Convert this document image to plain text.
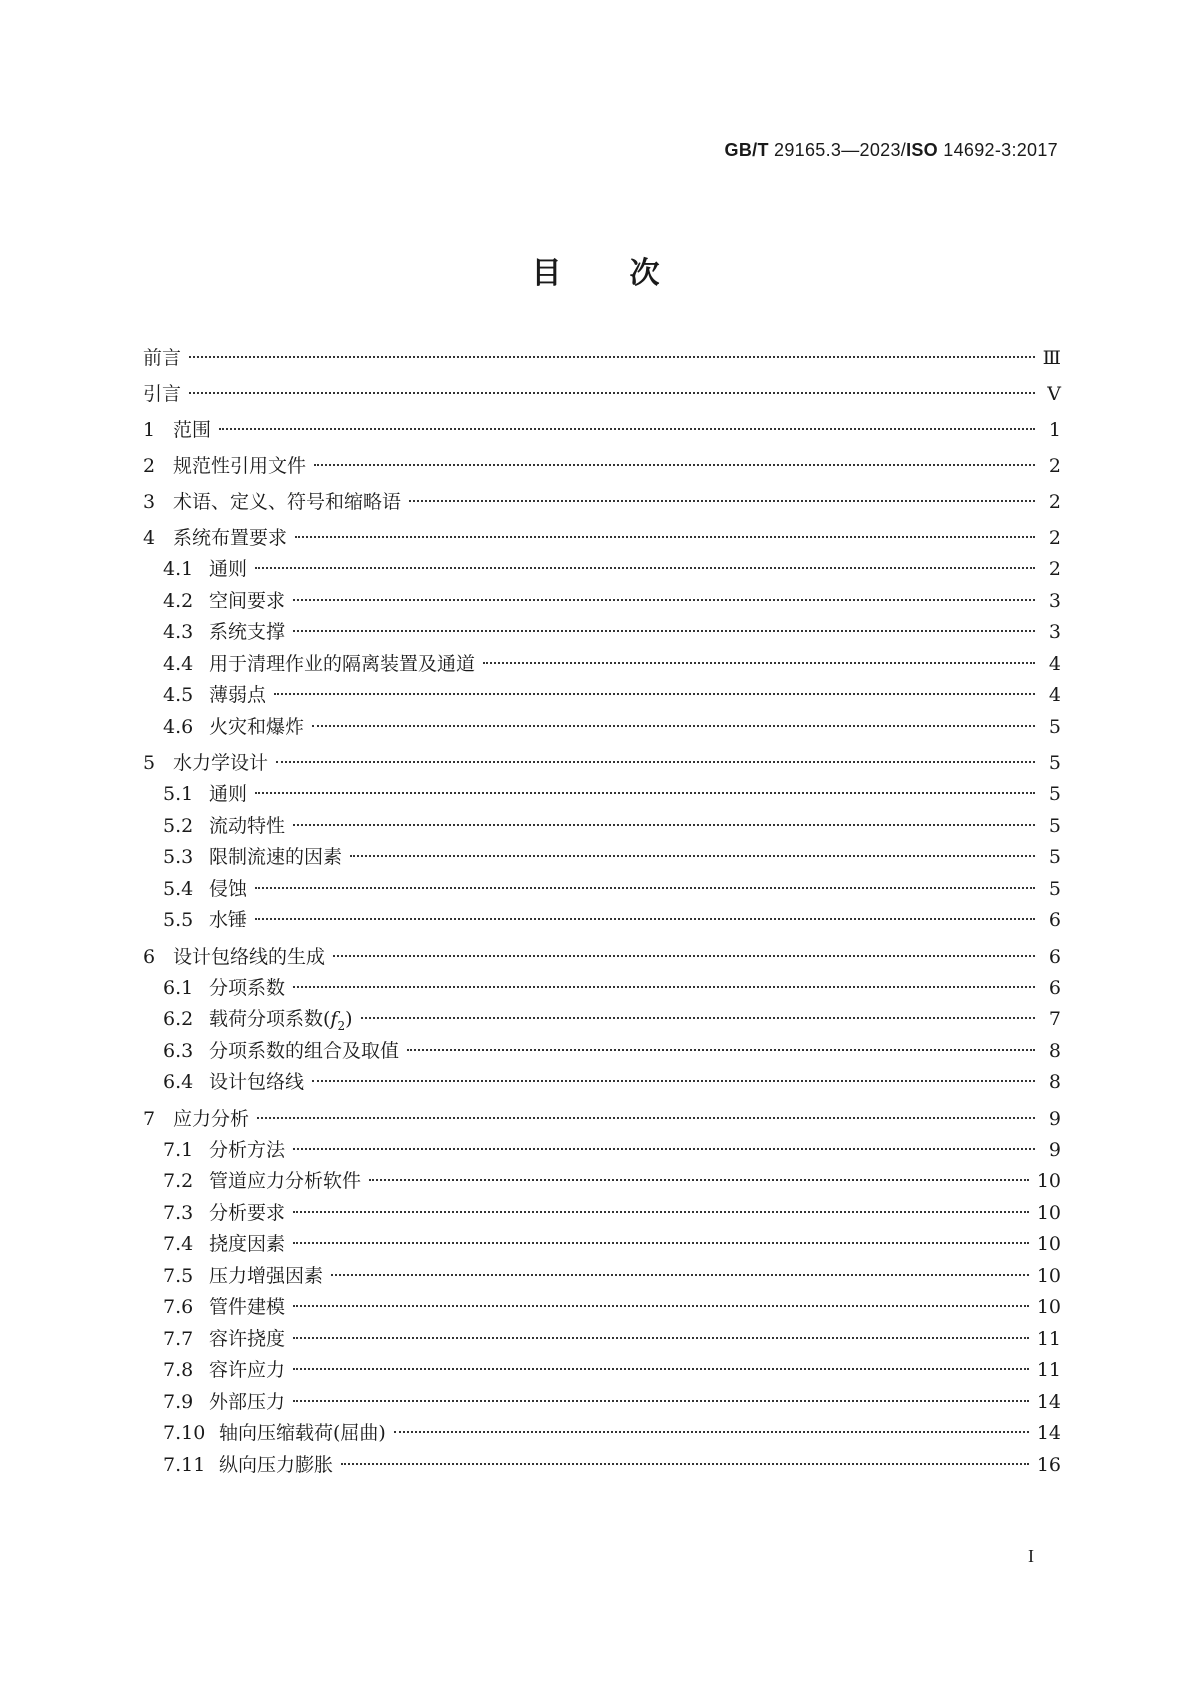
GB/T 29165.3—2023/ISO 14692-3:2017
目次
前言	Ⅲ
引言	Ⅴ
1 范围	1
2 规范性引用文件	2
3 术语、定义、符号和缩略语	2
4 系统布置要求	2
4.1 通则	2
4.2 空间要求	3
4.3 系统支撑	3
4.4 用于清理作业的隔离装置及通道	4
4.5 薄弱点	4
4.6 火灾和爆炸	5
5 水力学设计	5
5.1 通则	5
5.2 流动特性	5
5.3 限制流速的因素	5
5.4 侵蚀	5
5.5 水锤	6
6 设计包络线的生成	6
6.1 分项系数	6
6.2 载荷分项系数$(f_2)$	7
6.3 分项系数的组合及取值	8
6.4 设计包络线	8
7 应力分析	9
7.1 分析方法	9
7.2 管道应力分析软件	10
7.3 分析要求	10
7.4 挠度因素	10
7.5 压力增强因素	10
7.6 管件建模	10
7.7 容许挠度	11
7.8 容许应力	11
7.9 外部压力	14
7.10 轴向压缩载荷(屈曲)	14
7.11 纵向压力膨胀	16
I
